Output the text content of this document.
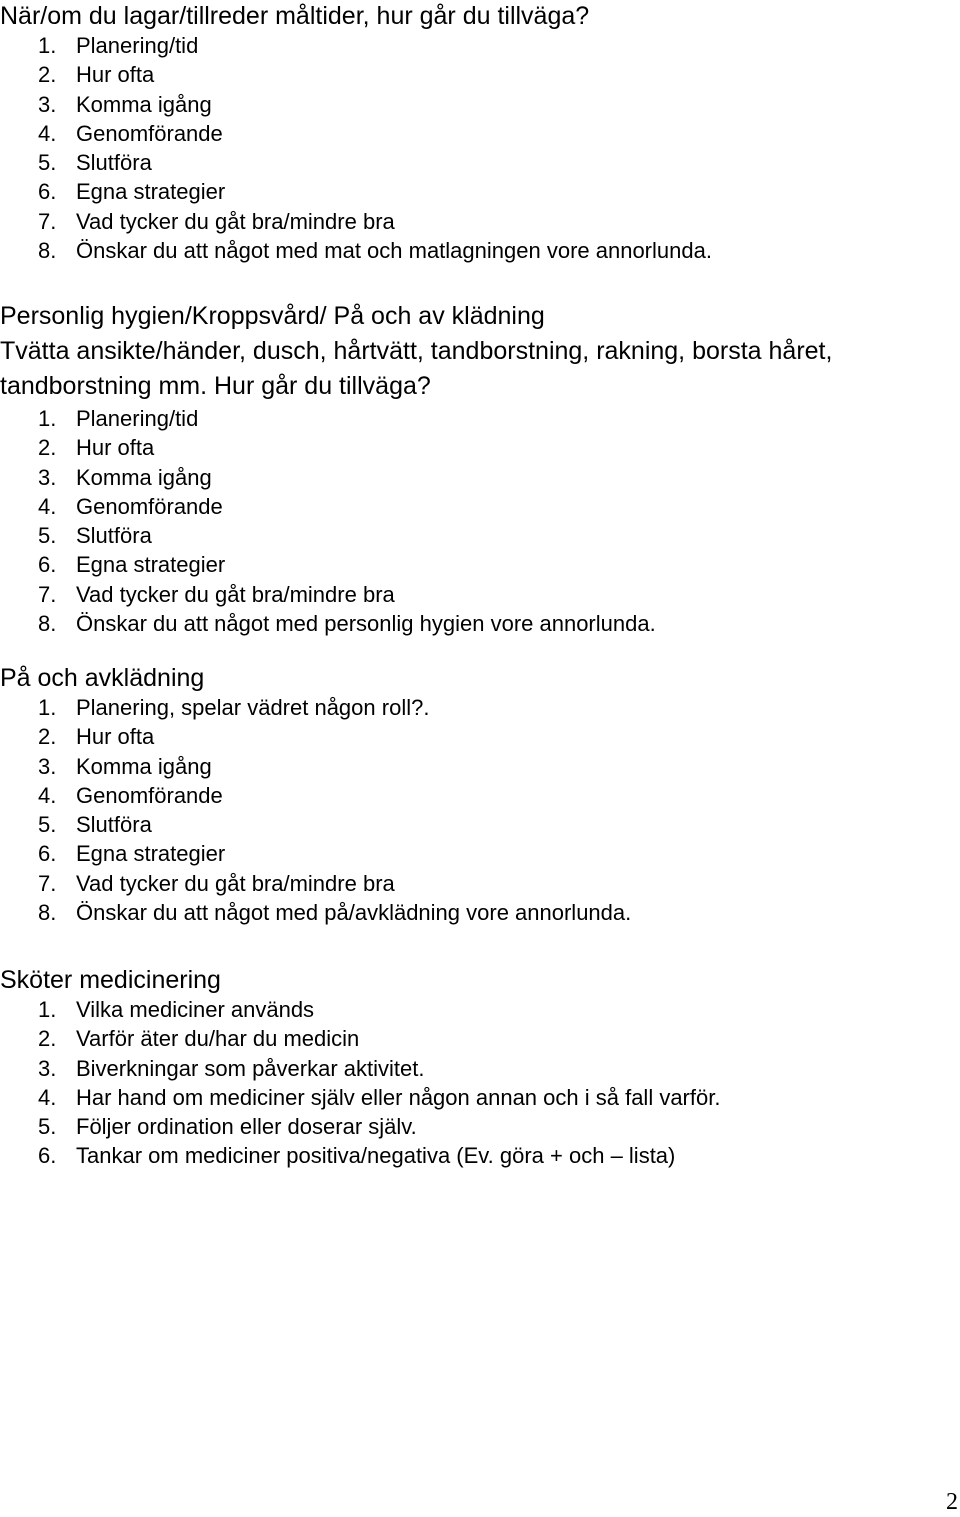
När/om du lagar/tillreder måltider, hur går du tillväga?
1. Planering/tid
2. Hur ofta
3. Komma igång
4. Genomförande
5. Slutföra
6. Egna strategier
7. Vad tycker du gåt bra/mindre bra
8. Önskar du att något med mat och matlagningen vore annorlunda.
Personlig hygien/Kroppsvård/ På och av klädning

Tvätta ansikte/händer, dusch, hårtvätt, tandborstning, rakning, borsta håret, tandborstning mm. Hur går du tillväga?

1. Planering/tid
2. Hur ofta
3. Komma igång
4. Genomförande
5. Slutföra
6. Egna strategier
7. Vad tycker du gåt bra/mindre bra
8. Önskar du att något med personlig hygien vore annorlunda.
På och avklädning
1. Planering, spelar vädret någon roll?.
2. Hur ofta
3. Komma igång
4. Genomförande
5. Slutföra
6. Egna strategier
7. Vad tycker du gåt bra/mindre bra
8. Önskar du att något med på/avklädning vore annorlunda.
Sköter medicinering
1. Vilka mediciner används
2. Varför äter du/har du medicin
3. Biverkningar som påverkar aktivitet.
4. Har hand om mediciner själv eller någon annan och i så fall varför.
5. Följer ordination eller doserar själv.
6. Tankar om mediciner positiva/negativa (Ev. göra + och – lista)
2
